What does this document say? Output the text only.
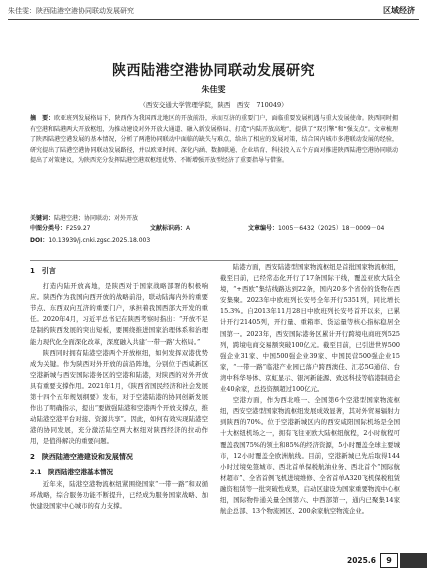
朱佳雯：陕西陆港空港协同联动发展研究	区域经济
陕西陆港空港协同联动发展研究
朱佳雯
（西安交通大学管理学院，陕西　西安　710049）
摘　要：欧亚班列发展格局下，陕西作为我国西北地区的开放前沿，承而互济的重要门户，面临重要发展机遇与重大发展使命。陕西同时拥有空港和陆港两大开放枢纽，为推动建设对外开放大通道、融入新发展格局、打造“内陆开放高地”，提供了“双引擎”和“强支点”。文章梳理了陕西陆港空港发展的基本情况，分析了两港协同联动中面临的缺失与难点，给出了相应的发展对策，结合国内城市多港联动发展的经验，研究提出了陆港空港协同联动发展路径，并以欧亚时间、深化内涵、数据联通、企业培育、科技投入五个方面对推进陕西陆港空港协同联动提出了对策建议，为陕西充分发挥陆港空港双枢纽优势、不断增强开放型经济了重要指导与借鉴。
关键词：陆港空港；协同联动；对外开放
中图分类号：F259.27	文献标识码：A	文章编号：1005－6432（2025）18－0009－04
DOI：10.13939/j.cnki.zgsc.2025.18.003
1　引言

打造内陆开放高地，是陕西对于国家战略部署的积极响应。陕西作为我国向西开放的战略前沿，联动陆海内外的重要节点、东西双向互济的重要门户，承担着我国西部大开发的重任。2020年4月，习近平总书记在陕西考察时指出：“开放不足是制约陕西发展的突出短板，要围绕推进国家治理体系和治理能力现代化全面深化改革，深度融入共建‘一带一路’大格局。”

陕西同时拥有陆港空港两个开放枢纽，如何发挥双港优势成为关键。作为陕西对外开放的前沿阵地，分别位于西咸新区空港新城与西安国际港务区的空港和陆港，对陕西的对外开放具有重要支撑作用。2021年1月，《陕西省国民经济和社会发展第十四个五年规划纲要》发布，对于空港陆港的协同创新发展作出了明确指示，提出“要做强陆港和空港两个开放支撑点，推动陆港空港平台对接、资源共享”。因此，如何有效实现陆港空港的协同发展，充分激活陆空两大枢纽对陕西经济的拉动作用，是值得解决的重要问题。

2　陕西陆港空港建设和发展情况
2.1　陕西陆港空港基本情况

近年来，陆港空港物流枢纽紧围绕国家“一带一路”和双循环战略，综合服务功能不断提升，已经成为服务国家战略、加快建设国家中心城市的有力支撑。

陆港方面，西安陆港型国家物流枢纽是首批国家物流枢纽，截至目前，已经常态化开行了17条国际干线，覆盖亚欧大陆全境，“+西欧”集结线路达到22条，国内20多个省份的货物在西安集聚。2023年中欧班列长安号全年开行5351列，同比增长15.3%。自2013年11月28日中欧班列长安号首开以来，已累计开行21405列，开行量、重箱率、货运量等核心指标稳居全国第一。2023年，西安国际港务区累计开行跨境电商班列525列，跨境电商交易额突破100亿元。截至目前，已引进世界500强企业31家、中国500强企业39家、中国民营500强企业15家，“一带一路”临港产业园已落户跨西澳佳、汇芯5G通信、台湾中科华导体、京虹显示、银河新能源、致远科技等临港制造企业40余家，总投资额超过100亿元。

空港方面，作为西北唯一、全国第6个空港型国家物流枢纽，西安空港型国家物流枢纽发展成效显著，其对外贸易辐射力到陕西的70%。位于空港新城区内的西安咸阳国际机场是全国十大枢纽机场之一，拥有飞往亚欧大陆枢纽航程，2小时航程可覆盖我国75%的领土和85%的经济资源，5小时覆盖全球主要城市，12小时覆盖全欧洲航线。目前，空港新城已先后取得144小时过境免签城市、西北首单保税航油业务、西北首个“国际航材超市”、全省首例飞机进境维修、全省首单A320飞机保税租赁融资租赁等一批突破性成果，启动区建设为国家重要物流中心枢纽，国际物件通关量全国第六、中西部第一，通内已聚集14家航企总部、13个物流园区、200余家航空物流企业。

2025.6	9
